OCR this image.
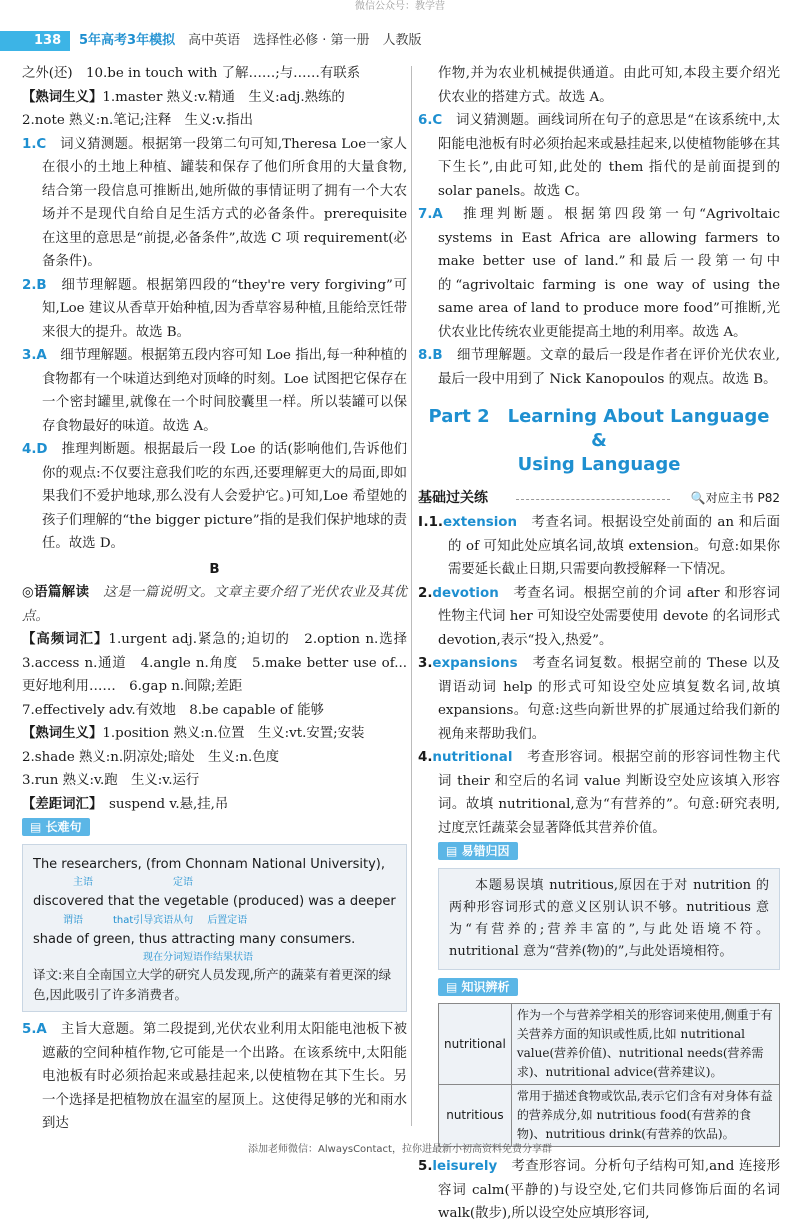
微信公众号：教学营
138 5年高考3年模拟　 高中英语　选择性必修 · 第一册　人教版

之外(还)　10.be in touch with 了解……;与……有联系

【熟词生义】1.master 熟义:v.精通　生义:adj.熟练的

2.note 熟义:n.笔记;注释　生义:v.指出

1.C　 词义猜测题。根据第一段第二句可知,Theresa Loe一家人在很小的土地上种植、罐装和保存了他们所食用的大量食物,结合第一段信息可推断出,她所做的事情证明了拥有一个大农场并不是现代自给自足生活方式的必备条件。prerequisite 在这里的意思是“前提,必备条件”,故选 C 项 requirement(必备条件)。

2.B　 细节理解题。根据第四段的“they're very forgiving”可知,Loe 建议从香草开始种植,因为香草容易种植,且能给烹饪带来很大的提升。故选 B。

3.A　 细节理解题。根据第五段内容可知 Loe 指出,每一种种植的食物都有一个味道达到绝对顶峰的时刻。Loe 试图把它保存在一个密封罐里,就像在一个时间胶囊里一样。所以装罐可以保存食物最好的味道。故选 A。

4.D　 推理判断题。根据最后一段 Loe 的话(影响他们,告诉他们你的观点:不仅要注意我们吃的东西,还要理解更大的局面,即如果我们不爱护地球,那么没有人会爱护它。)可知,Loe 希望她的孩子们理解的“the bigger picture”指的是我们保护地球的责任。故选 D。

B

◎语篇解读　 这是一篇说明文。文章主要介绍了光伏农业及其优点。

【高频词汇】1.urgent adj.紧急的;迫切的　2.option n.选择　3.access n.通道　4.angle n.角度　5.make better use of...更好地利用……　6.gap n.间隙;差距

7.effectively adv.有效地　8.be capable of 能够

【熟词生义】1.position 熟义:n.位置　生义:vt.安置;安装

2.shade 熟义:n.阴凉处;暗处　生义:n.色度

3.run 熟义:v.跑　生义:v.运行

【差距词汇】　 suspend v.悬,挂,吊

▤ 长难句
The researchers, (from Chonnam National University),
主语	定语
discovered that the vegetable (produced) was a deeper
谓语	that引导宾语从句 后置定语
shade of green, thus attracting many consumers.
现在分词短语作结果状语
译文:来自全南国立大学的研究人员发现,所产的蔬菜有着更深的绿色,因此吸引了许多消费者。

5.A　 主旨大意题。第二段提到,光伏农业利用太阳能电池板下被遮蔽的空间种植作物,它可能是一个出路。在该系统中,太阳能电池板有时必须抬起来或悬挂起来,以使植物在其下生长。另一个选择是把植物放在温室的屋顶上。这使得足够的光和雨水到达

作物,并为农业机械提供通道。由此可知,本段主要介绍光伏农业的搭建方式。故选 A。

6.C　 词义猜测题。画线词所在句子的意思是“在该系统中,太阳能电池板有时必须抬起来或悬挂起来,以使植物能够在其下生长”,由此可知,此处的 them 指代的是前面提到的 solar panels。故选 C。

7.A　 推理判断题。根据第四段第一句“Agrivoltaic systems in East Africa are allowing farmers to make better use of land.”和最后一段第一句中的“agrivoltaic farming is one way of using the same area of land to produce more food”可推断,光伏农业比传统农业更能提高土地的利用率。故选 A。

8.B　 细节理解题。文章的最后一段是作者在评价光伏农业,最后一段中用到了 Nick Kanopoulos 的观点。故选 B。

Part 2　Learning About Language &
Using Language
基础过关练	🔍对应主书 P82

Ⅰ.1.extension　 考查名词。根据设空处前面的 an 和后面的 of 可知此处应填名词,故填 extension。句意:如果你需要延长截止日期,只需要向教授解释一下情况。

2.devotion　 考查名词。根据空前的介词 after 和形容词性物主代词 her 可知设空处需要使用 devote 的名词形式 devotion,表示“投入,热爱”。

3.expansions　 考查名词复数。根据空前的 These 以及谓语动词 help 的形式可知设空处应填复数名词,故填 expansions。句意:这些向新世界的扩展通过给我们新的视角来帮助我们。

4.nutritional　 考查形容词。根据空前的形容词性物主代词 their 和空后的名词 value 判断设空处应该填入形容词。故填 nutritional,意为“有营养的”。句意:研究表明,过度烹饪蔬菜会显著降低其营养价值。

▤ 易错归因

本题易误填 nutritious,原因在于对 nutrition 的两种形容词形式的意义区别认识不够。nutritious 意为“有营养的;营养丰富的”,与此处语境不符。nutritional 意为“营养(物)的”,与此处语境相符。

▤ 知识辨析
nutritional	作为一个与营养学相关的形容词来使用,侧重于有关营养方面的知识或性质,比如 nutritional value(营养价值)、nutritional needs(营养需求)、nutritional advice(营养建议)。
nutritious	常用于描述食物或饮品,表示它们含有对身体有益的营养成分,如 nutritious food(有营养的食物)、nutritious drink(有营养的饮品)。

5.leisurely　 考查形容词。分析句子结构可知,and 连接形容词 calm(平静的)与设空处,它们共同修饰后面的名词 walk(散步),所以设空处应填形容词,

添加老师微信：AlwaysContact，拉你进最新小初高资料免费分享群
